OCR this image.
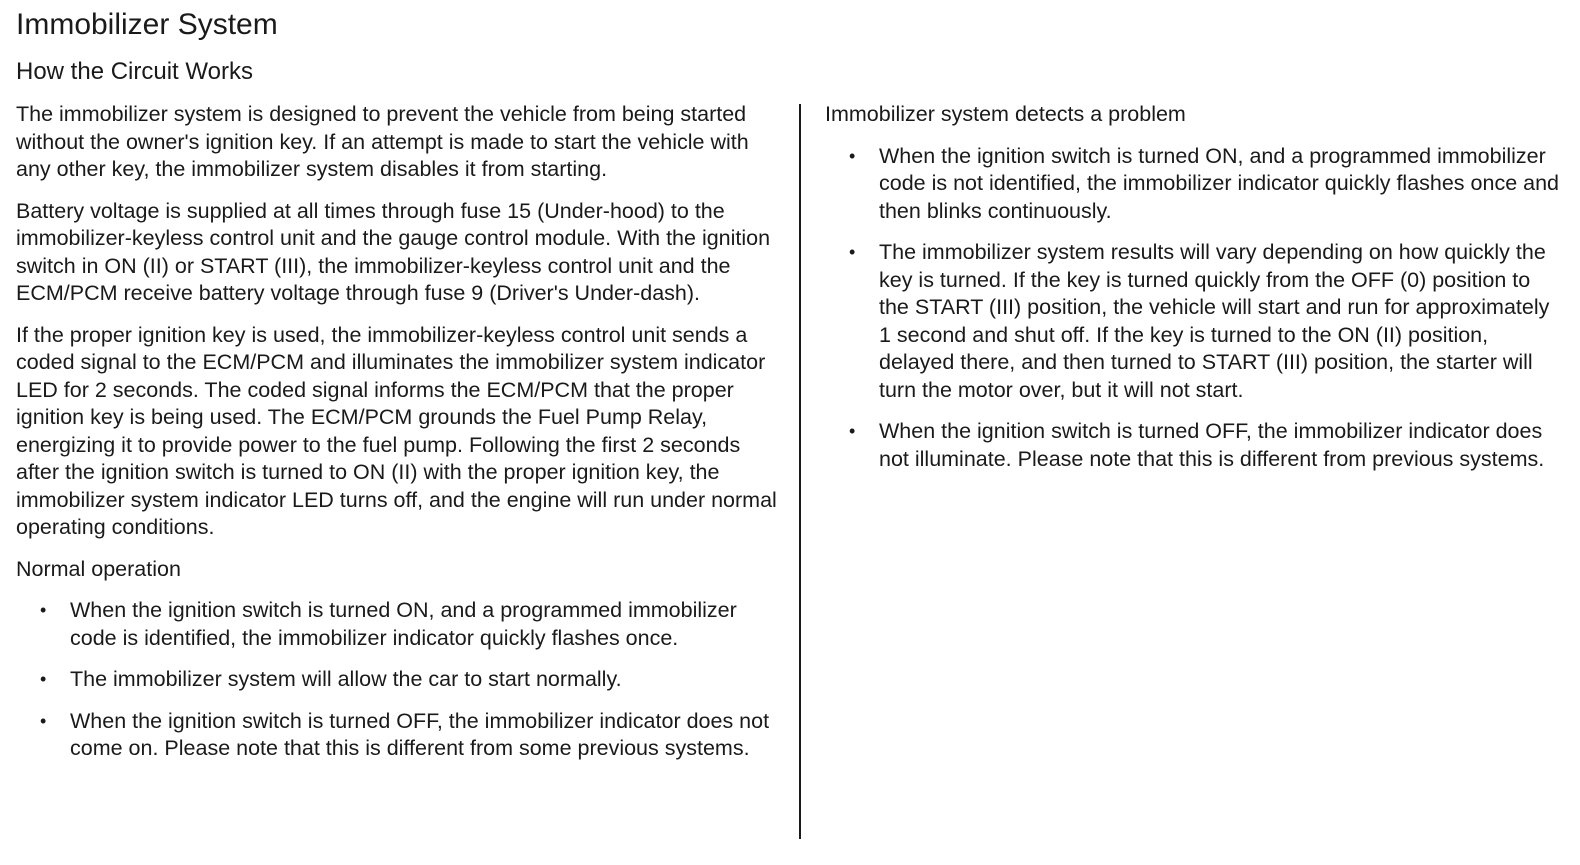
Immobilizer System
How the Circuit Works

The immobilizer system is designed to prevent the vehicle from being started without the owner's ignition key. If an attempt is made to start the vehicle with any other key, the immobilizer system disables it from starting.

Battery voltage is supplied at all times through fuse 15 (Under-hood) to the immobilizer-keyless control unit and the gauge control module. With the ignition switch in ON (II) or START (III), the immobilizer-keyless control unit and the ECM/PCM receive battery voltage through fuse 9 (Driver's Under-dash).

If the proper ignition key is used, the immobilizer-keyless control unit sends a coded signal to the ECM/PCM and illuminates the immobilizer system indicator LED for 2 seconds. The coded signal informs the ECM/PCM that the proper ignition key is being used. The ECM/PCM grounds the Fuel Pump Relay, energizing it to provide power to the fuel pump. Following the first 2 seconds after the ignition switch is turned to ON (II) with the proper ignition key, the immobilizer system indicator LED turns off, and the engine will run under normal operating conditions.

Normal operation
• When the ignition switch is turned ON, and a programmed immobilizer code is identified, the immobilizer indicator quickly flashes once.
• The immobilizer system will allow the car to start normally.
• When the ignition switch is turned OFF, the immobilizer indicator does not come on. Please note that this is different from some previous systems.
Immobilizer system detects a problem
• When the ignition switch is turned ON, and a programmed immobilizer code is not identified, the immobilizer indicator quickly flashes once and then blinks continuously.
• The immobilizer system results will vary depending on how quickly the key is turned. If the key is turned quickly from the OFF (0) position to the START (III) position, the vehicle will start and run for approximately 1 second and shut off. If the key is turned to the ON (II) position, delayed there, and then turned to START (III) position, the starter will turn the motor over, but it will not start.
• When the ignition switch is turned OFF, the immobilizer indicator does not illuminate. Please note that this is different from previous systems.
